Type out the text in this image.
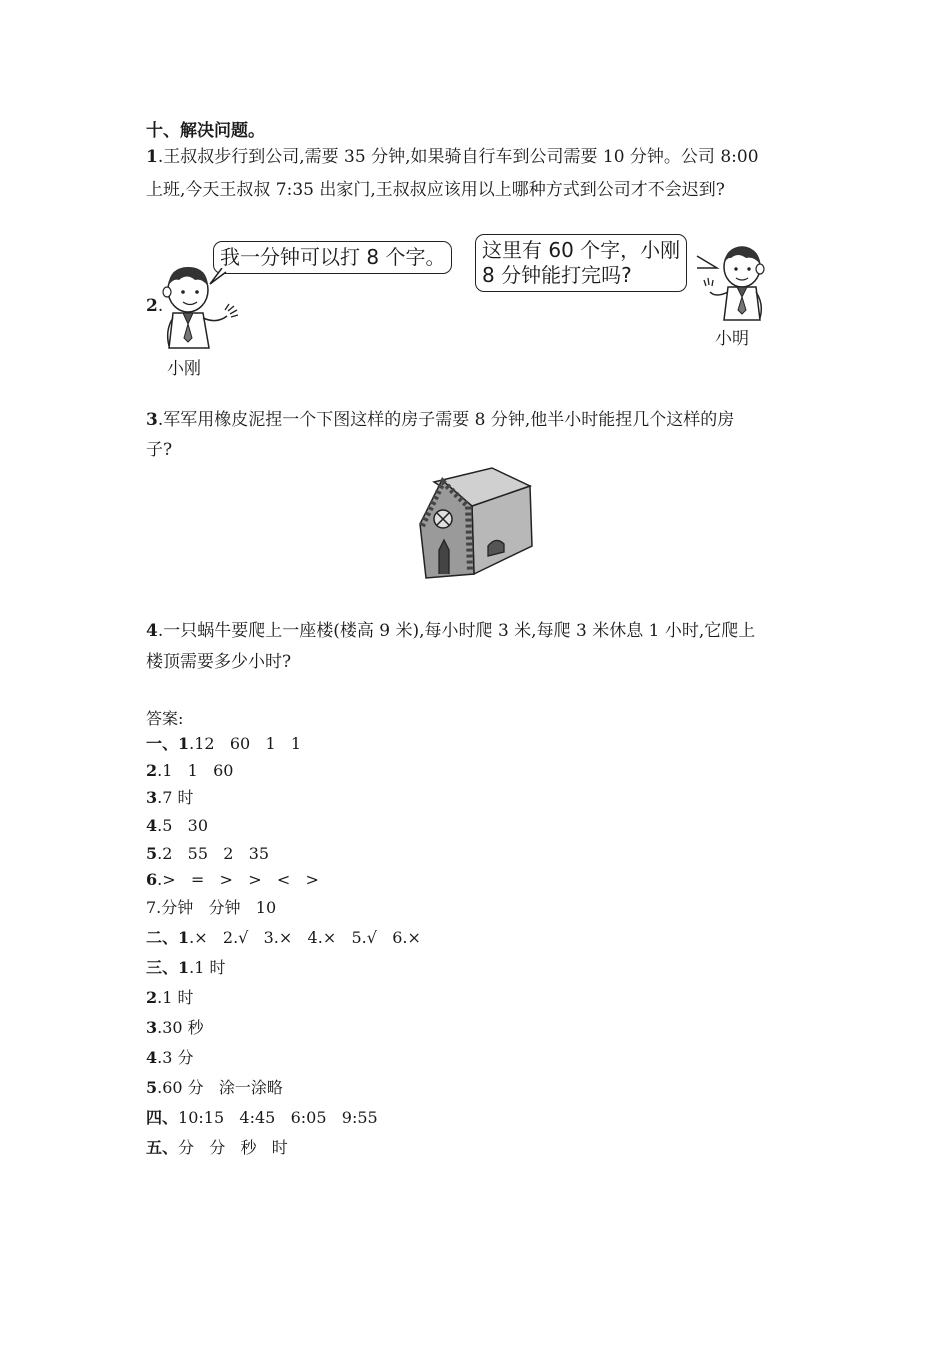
十、解决问题。
1.王叔叔步行到公司,需要 35 分钟,如果骑自行车到公司需要 10 分钟。公司 8:00
上班,今天王叔叔 7:35 出家门,王叔叔应该用以上哪种方式到公司才不会迟到?
2.
小刚
我一分钟可以打 8 个字。	这里有 60 个字，小刚
8 分钟能打完吗?
小明
3.军军用橡皮泥捏一个下图这样的房子需要 8 分钟,他半小时能捏几个这样的房
子?
4.一只蜗牛要爬上一座楼(楼高 9 米),每小时爬 3 米,每爬 3 米休息 1 小时,它爬上
楼顶需要多少小时?
答案:
一、1.12   60   1   1
2.1   1   60
3.7 时
4.5   30
5.2   55   2   35
6.>   =   >   >   <   >
7.分钟   分钟   10
二、1.×   2.√   3.×   4.×   5.√   6.×
三、1.1 时
2.1 时
3.30 秒
4.3 分
5.60 分   涂一涂略
四、10:15   4:45   6:05   9:55
五、分   分   秒   时
